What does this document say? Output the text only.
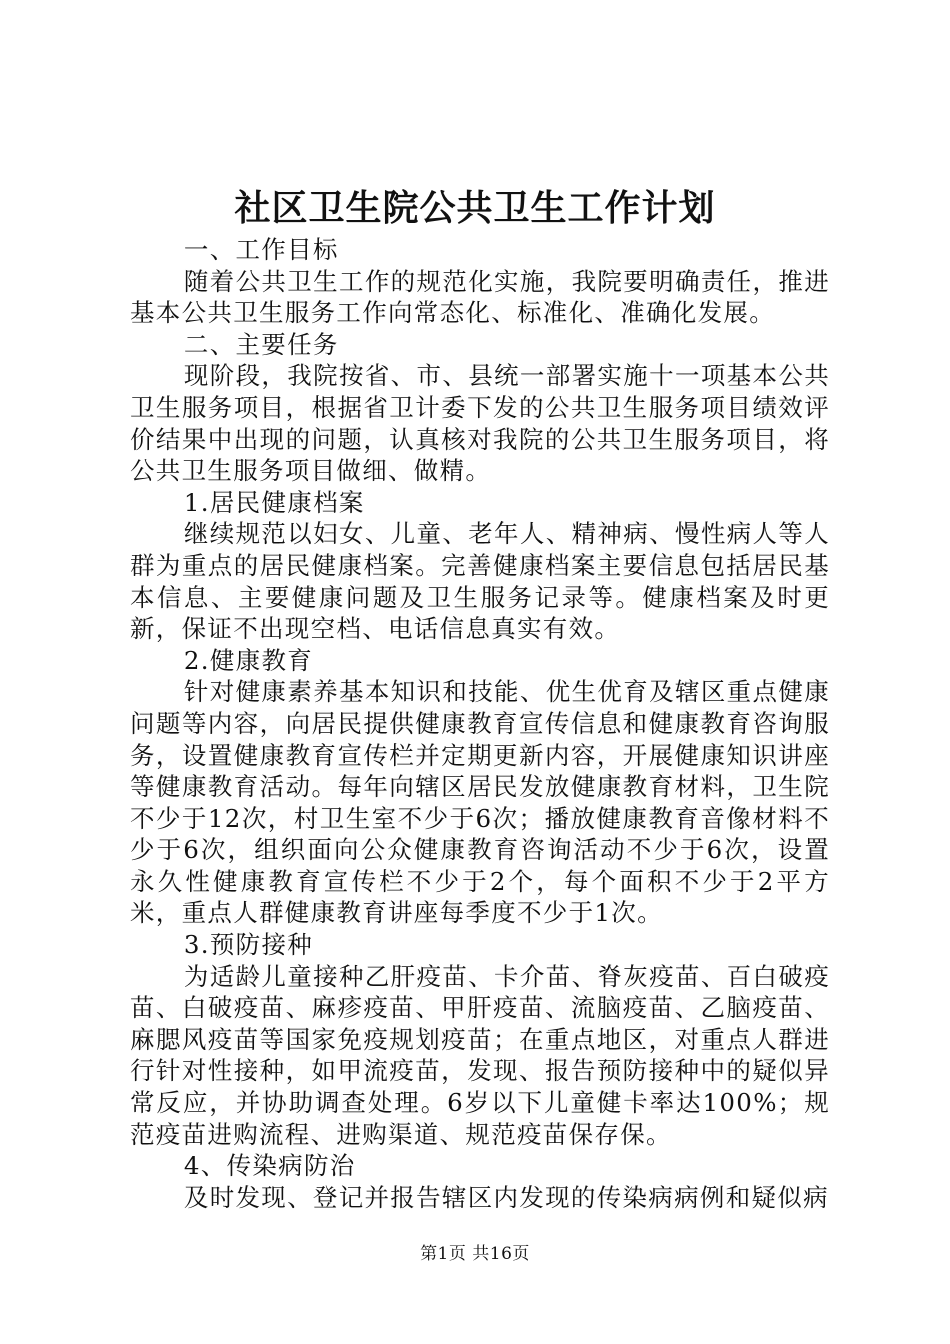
社区卫生院公共卫生工作计划

一、工作目标

随着公共卫生工作的规范化实施，我院要明确责任，推进基本公共卫生服务工作向常态化、标准化、准确化发展。

二、主要任务

现阶段，我院按省、市、县统一部署实施十一项基本公共卫生服务项目，根据省卫计委下发的公共卫生服务项目绩效评价结果中出现的问题，认真核对我院的公共卫生服务项目，将公共卫生服务项目做细、做精。

1.居民健康档案

继续规范以妇女、儿童、老年人、精神病、慢性病人等人群为重点的居民健康档案。完善健康档案主要信息包括居民基本信息、主要健康问题及卫生服务记录等。健康档案及时更新，保证不出现空档、电话信息真实有效。

2.健康教育

针对健康素养基本知识和技能、优生优育及辖区重点健康问题等内容，向居民提供健康教育宣传信息和健康教育咨询服务，设置健康教育宣传栏并定期更新内容，开展健康知识讲座等健康教育活动。每年向辖区居民发放健康教育材料，卫生院不少于12次，村卫生室不少于6次；播放健康教育音像材料不少于6次，组织面向公众健康教育咨询活动不少于6次，设置永久性健康教育宣传栏不少于2个，每个面积不少于2平方米，重点人群健康教育讲座每季度不少于1次。

3.预防接种

为适龄儿童接种乙肝疫苗、卡介苗、脊灰疫苗、百白破疫苗、白破疫苗、麻疹疫苗、甲肝疫苗、流脑疫苗、乙脑疫苗、麻腮风疫苗等国家免疫规划疫苗；在重点地区，对重点人群进行针对性接种，如甲流疫苗，发现、报告预防接种中的疑似异常反应，并协助调查处理。6岁以下儿童健卡率达100%；规范疫苗进购流程、进购渠道、规范疫苗保存保。

4、传染病防治

及时发现、登记并报告辖区内发现的传染病病例和疑似病

第1页 共16页
